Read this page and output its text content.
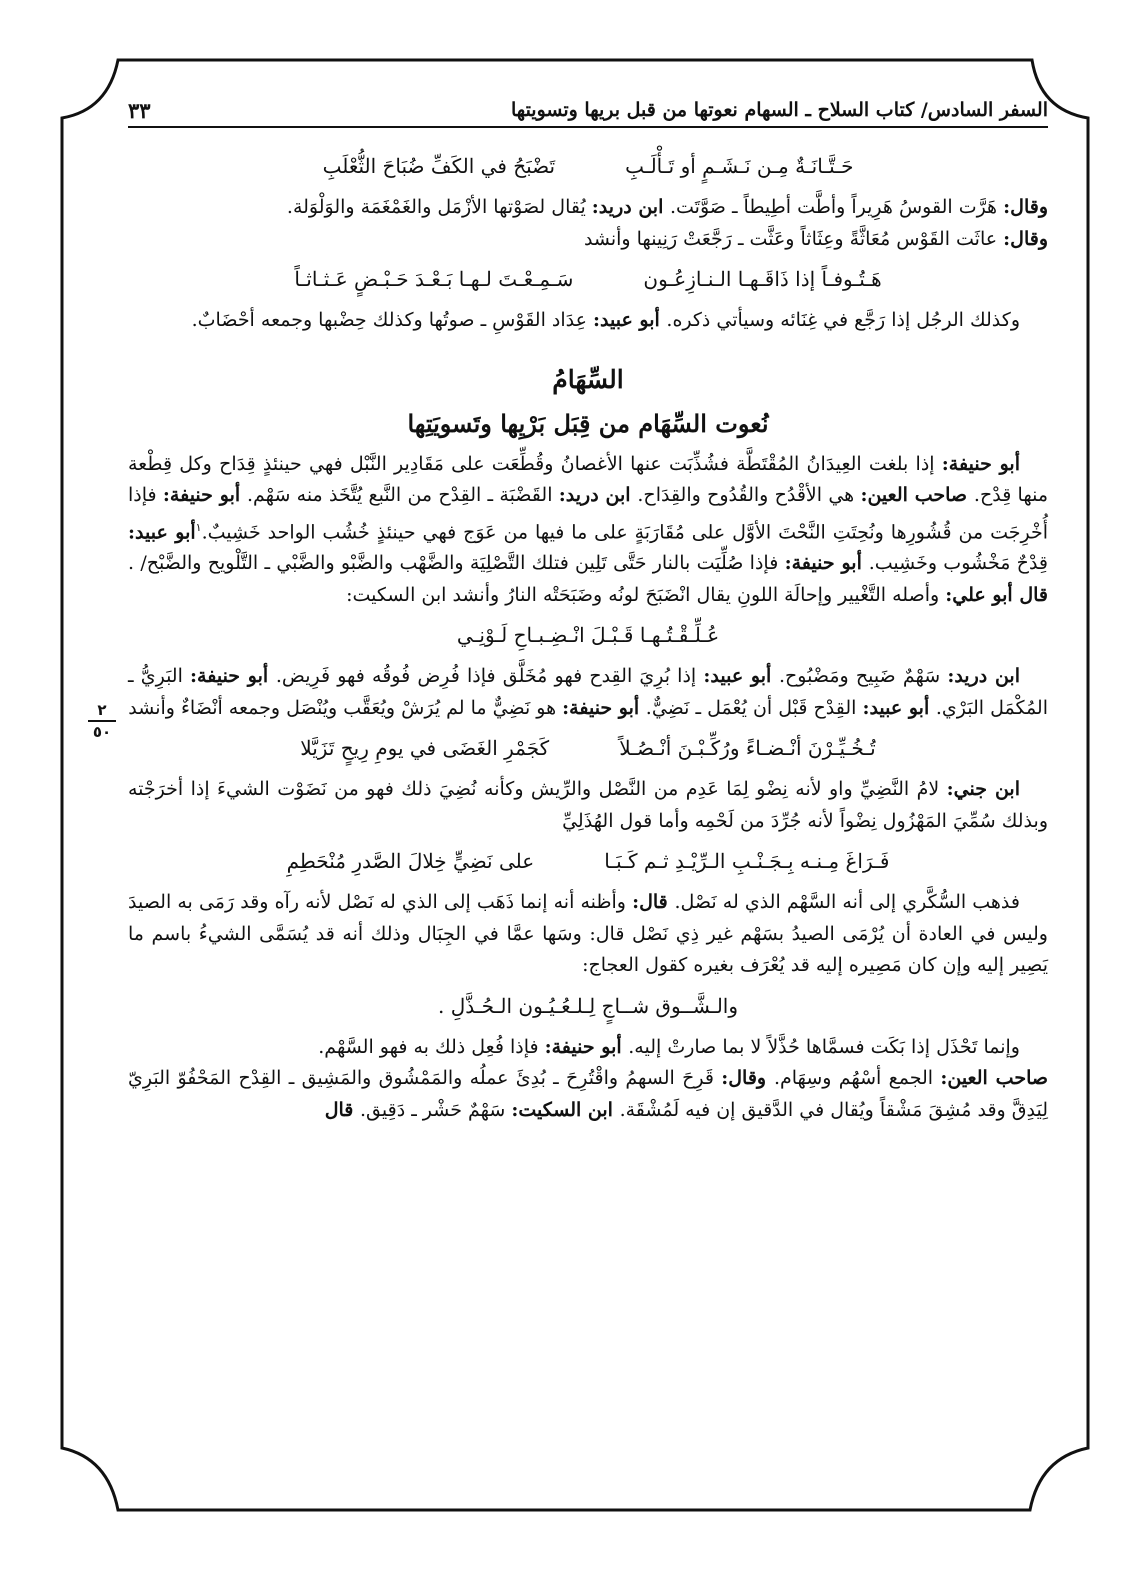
٢
٥٠
السفر السادس/ كتاب السلاح ـ السهام نعوتها من قبل بريها وتسويتها
٣٣
حَـتَّـانَـةٌ مِـن نَـشَـمٍ أو تَـأْلَـبِ
تَضْبَحُ في الكَفِّ ضُبَاحَ الثُّعْلَبِ

وقال: هَرَّت القوسُ هَرِيراً وأطَّت أطِيطاً ـ صَوَّتَت. ابن دريد: يُقال لصَوْتها الأزْمَل والغَمْغَمَة والوَلْوَلة.
وقال: عاثَت القَوْس مُعَاثَّةً وعِثَاثاً وعَثَّت ـ رَجَّعَتْ رَنِينها وأنشد

هَـتُـوفـاً إذا ذَاقَـهـا الـنـازِعُـون
سَـمِـعْـتَ لـهـا بَـعْـدَ حَـبْـضٍ عَـثـاثـاً

وكذلك الرجُل إذا رَجَّع في غِنَائه وسيأتي ذكره. أبو عبيد: عِدَاد القَوْسِ ـ صوتُها وكذلك حِضْبها وجمعه أحْضَابٌ.

السِّهَامُ
نُعوت السِّهَام من قِبَل بَرْيِها وتَسويَتِها

أبو حنيفة: إذا بلغت العِيدَانُ المُقْتَطَّة فشُذِّبَت عنها الأغصانُ وقُطِّعَت على مَقَادِير النَّبْل فهي حينئذٍ قِدَاح وكل قِطْعة منها قِدْح. صاحب العين: هي الأقْدُح والقُدُوح والقِدَاح. ابن دريد: القَضْبَة ـ القِدْح من النَّبع يُتَّخَذ منه سَهْم. أبو حنيفة: فإذا أُخْرِجَت من قُشُورِها ونُحِتَتِ النَّحْتَ الأوَّل على مُقَارَبَةٍ على ما فيها من عَوَج فهي حينئذٍ خُشُب الواحد خَشِيبٌ.$^١$أبو عبيد: قِدْحٌ مَخْشُوب وخَشِيب. أبو حنيفة: فإذا صُلِّيَت بالنار حَتَّى تَلِين فتلك التَّصْلِيَة والضَّهْب والضَّبْو والضَّبْي ـ التَّلْويح والضَّبْح/ . قال أبو علي: وأصله التَّغْيير وإحالَة اللونِ يقال انْضَبَحَ لونُه وضَبَحَتْه النارُ وأنشد ابن السكيت:

عُـلِّـقْـتُـهـا قَـبْـلَ انْـضِـبـاحِ لَـوْنِـي

ابن دريد: سَهْمٌ ضَبِيح ومَضْبُوح. أبو عبيد: إذا بُرِيَ القِدح فهو مُخَلَّق فإذا فُرِض فُوقُه فهو فَرِيض. أبو حنيفة: البَرِيُّ ـ المُكْمَل البَرْي. أبو عبيد: القِدْح قَبْل أن يُعْمَل ـ نَضِيٌّ. أبو حنيفة: هو نَضِيٌّ ما لم يُرَشْ ويُعَقَّب ويُنْصَل وجمعه أنْضَاءٌ وأنشد

تُـخُـيِّـرْنَ أنْـضـاءً ورُكِّـبْـنَ أنْـصُـلاً
كَجَمْرِ الغَضَى في يومِ رِيحٍ تَزَيَّلا

ابن جني: لامُ النَّضِيِّ واو لأنه نِضْو لِمَا عَدِم من النَّصْل والرِّيش وكأنه نُضِيَ ذلك فهو من نَضَوْت الشيءَ إذا أخرَجْته وبذلك سُمِّيَ المَهْزُول نِضْواً لأنه جُرِّدَ من لَحْمِه وأما قول الهُذَلِيِّ

فَـرَاغَ مِـنـه بِـجَـنْـبِ الـرِّيْـدِ ثـم كَـبَـا
على نَضِيٍّ خِلالَ الصَّدرِ مُنْحَطِمِ

فذهب السُّكَّري إلى أنه السَّهْم الذي له نَصْل. قال: وأظنه أنه إنما ذَهَب إلى الذي له نَصْل لأنه رآه وقد رَمَى به الصيدَ وليس في العادة أن يُرْمَى الصيدُ بسَهْم غير ذِي نَصْل قال: وسَها عمَّا في الجِبَال وذلك أنه قد يُسَمَّى الشيءُ باسم ما يَصِير إليه وإن كان مَصِيره إليه قد يُعْرَف بغيره كقول العجاج:

والـشَّــوق شــاجٍ لِـلـعُـيُـون الـحُـذَّلِ .

وإنما تَحْذَل إذا بَكَت فسمَّاها حُذَّلاً لا بما صارتْ إليه. أبو حنيفة: فإذا فُعِل ذلك به فهو السَّهْم.
صاحب العين: الجمع أسْهُم وسِهَام. وقال: قَرِحَ السهمُ واقْتُرِحَ ـ بُدِئَ عملُه والمَمْشُوق والمَشِيق ـ القِدْح المَحْفُوّ البَرِيّ لِيَدِقَّ وقد مُشِقَ مَشْقاً ويُقال في الدَّقيق إن فيه لَمُشْقَة. ابن السكيت: سَهْمٌ حَشْر ـ دَقِيق. قال
